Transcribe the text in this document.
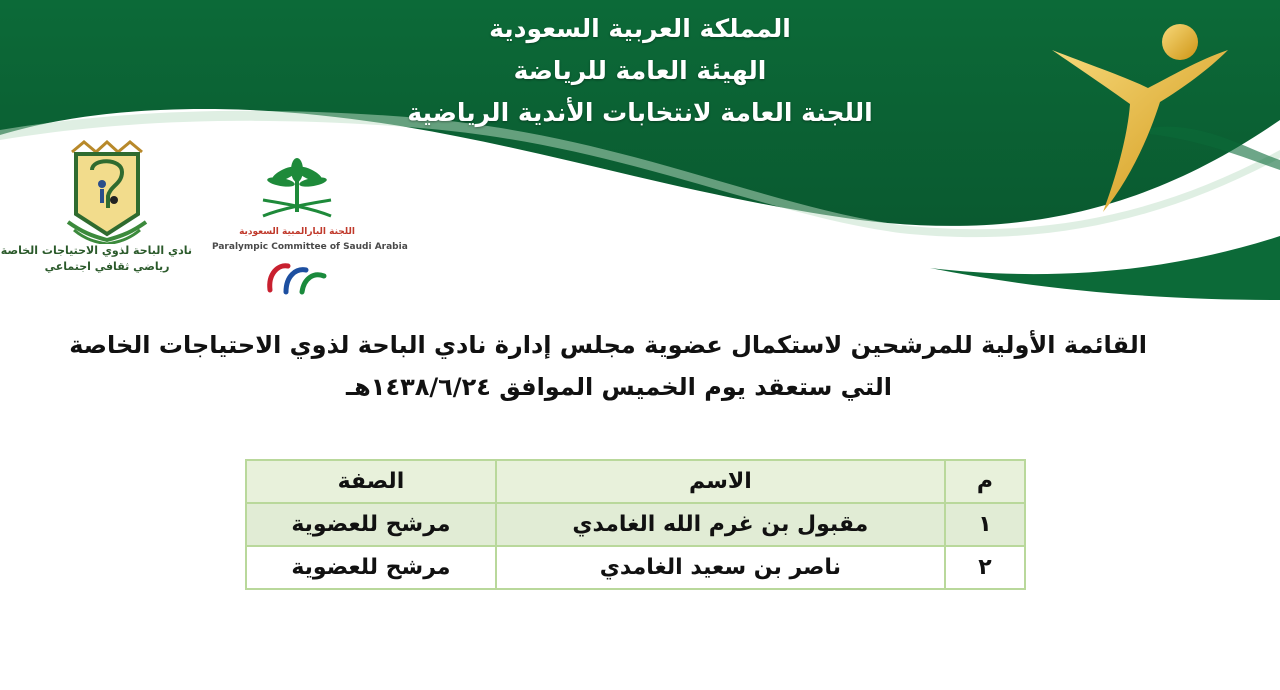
المملكة العربية السعودية
الهيئة العامة للرياضة
اللجنة العامة لانتخابات الأندية الرياضية
نادي الباحة لذوي الاحتياجات الخاصة
رياضي ثقافي اجتماعي
اللجنة البارالمبية السعودية
Paralympic Committee of Saudi Arabia
القائمة الأولية للمرشحين لاستكمال عضوية مجلس إدارة نادي الباحة لذوي الاحتياجات الخاصة
التي ستعقد يوم الخميس الموافق ١٤٣٨/٦/٢٤هـ
م	الاسم	الصفة
١	مقبول بن غرم الله الغامدي	مرشح للعضوية
٢	ناصر بن سعيد الغامدي	مرشح للعضوية
